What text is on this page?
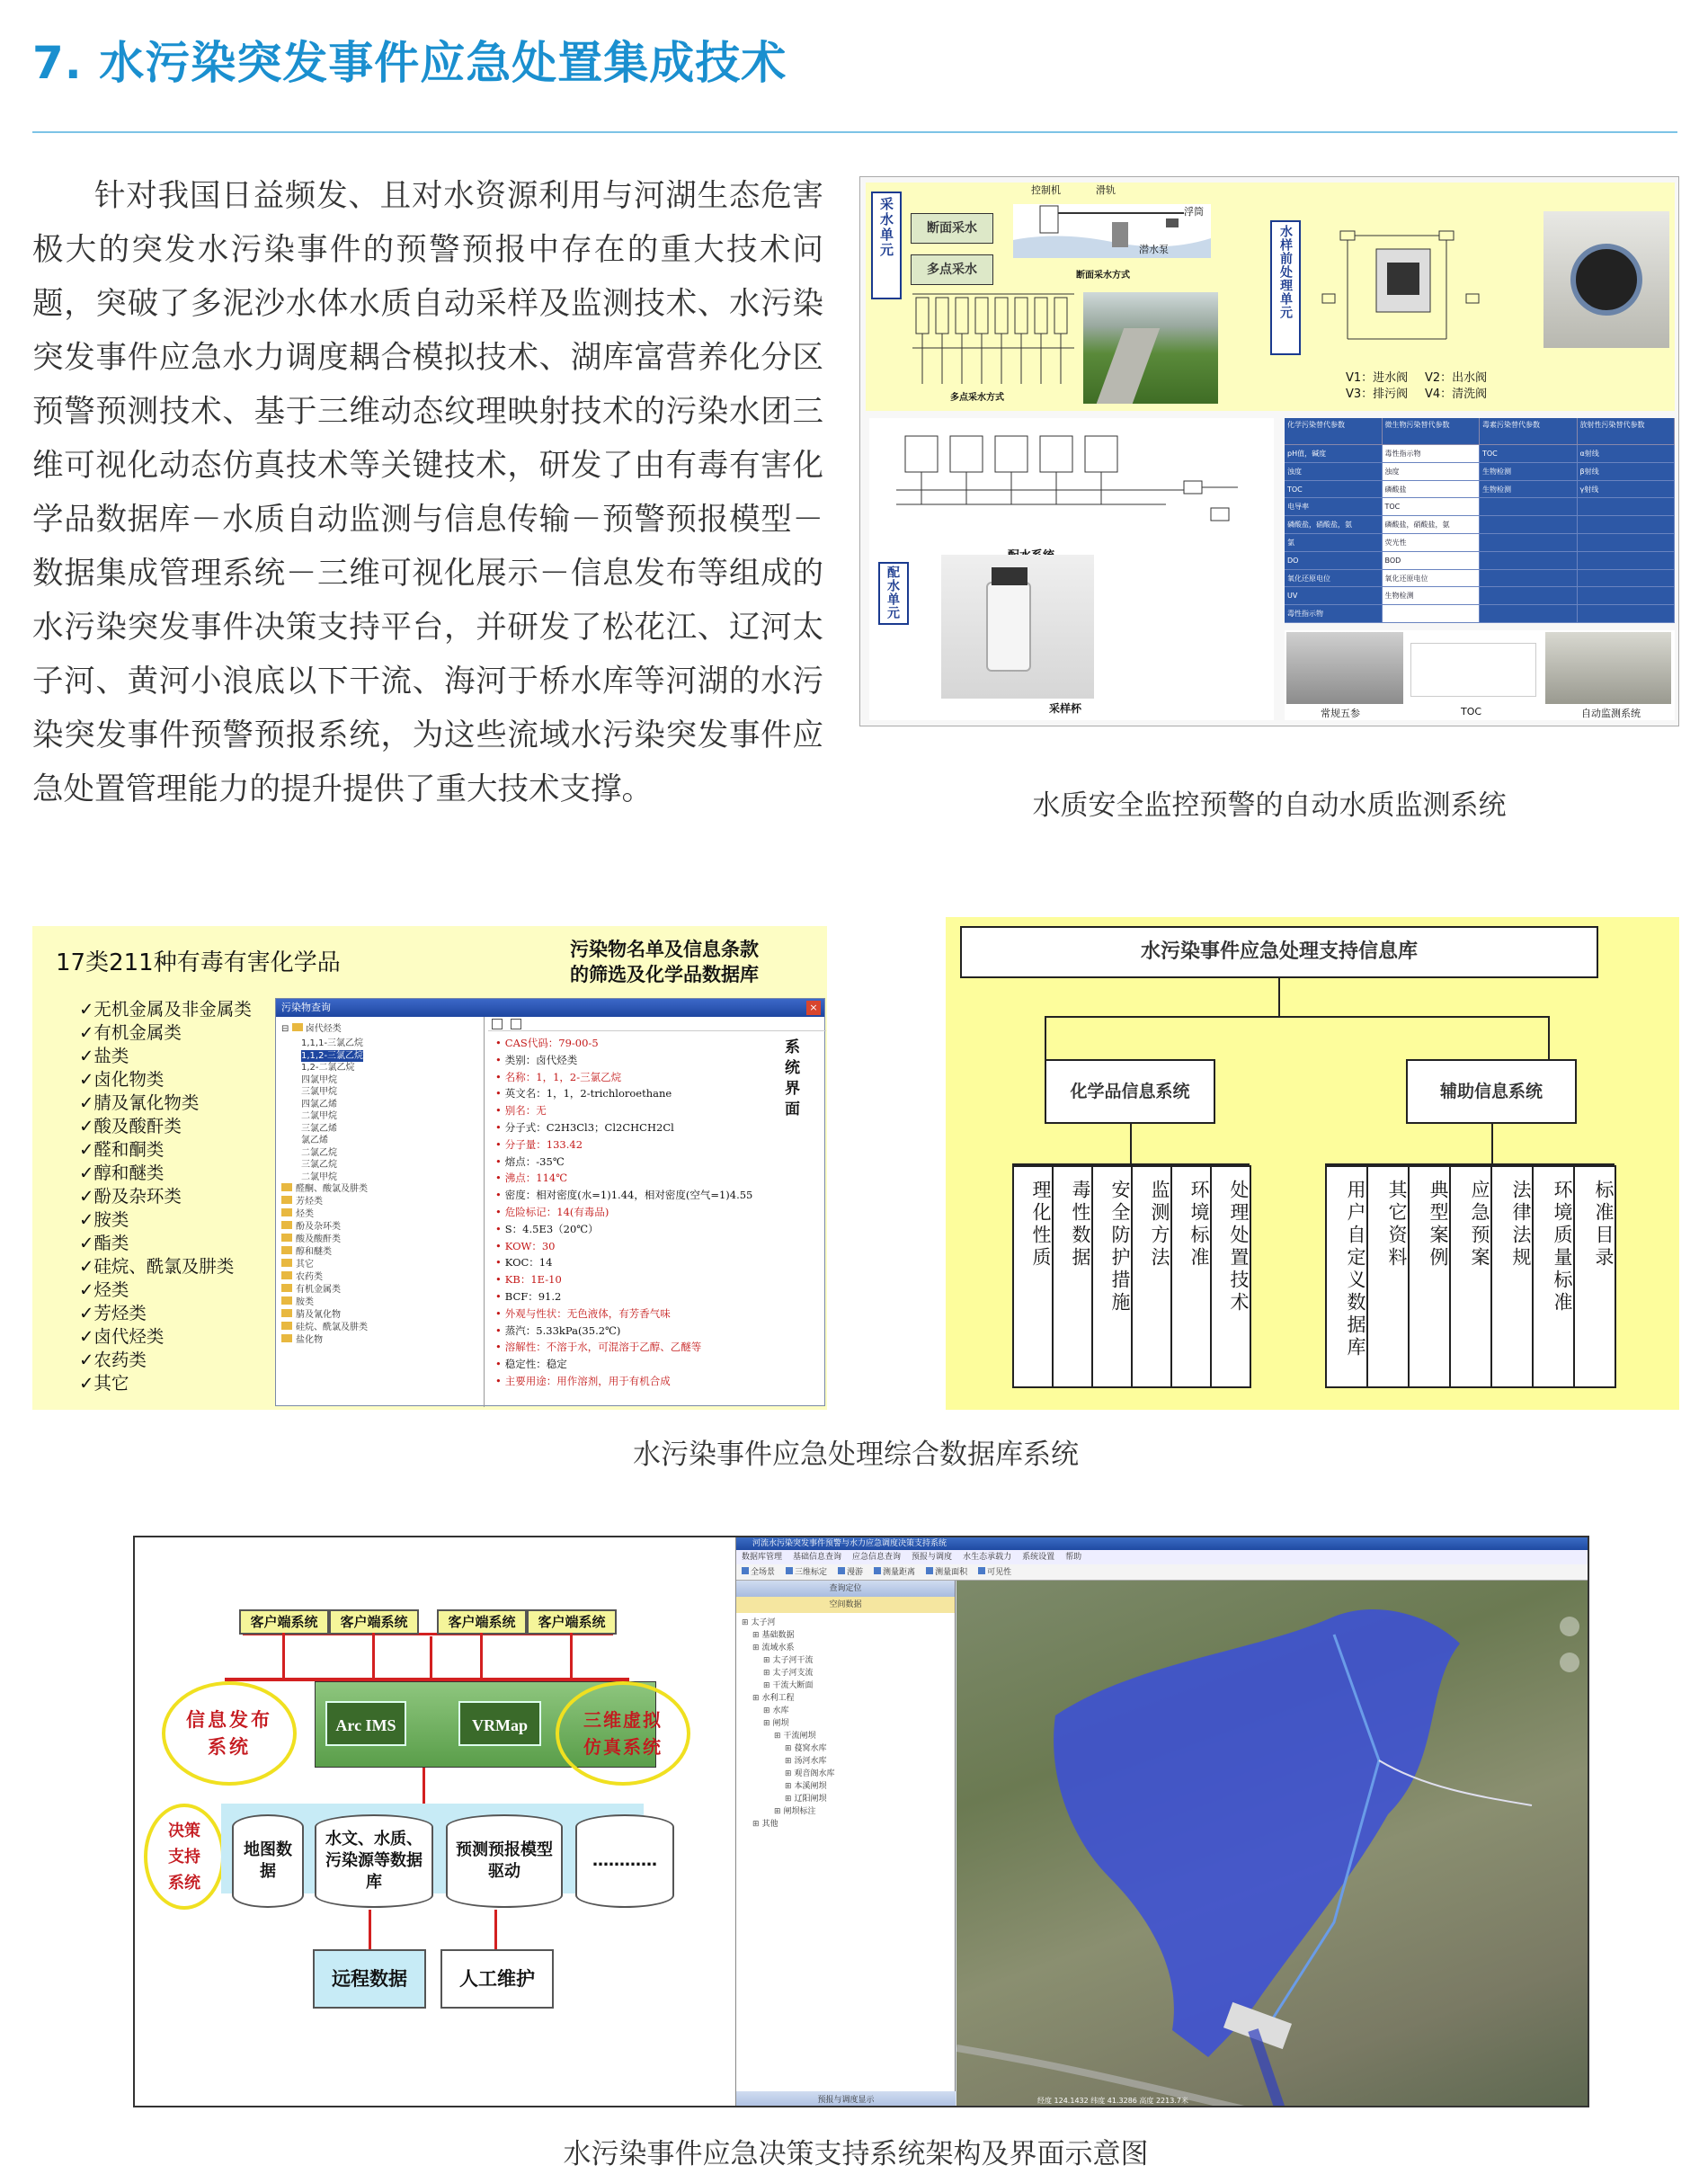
7. 水污染突发事件应急处置集成技术
针对我国日益频发、且对水资源利用与河湖生态危害极大的突发水污染事件的预警预报中存在的重大技术问题，突破了多泥沙水体水质自动采样及监测技术、水污染突发事件应急水力调度耦合模拟技术、湖库富营养化分区预警预测技术、基于三维动态纹理映射技术的污染水团三维可视化动态仿真技术等关键技术，研发了由有毒有害化学品数据库－水质自动监测与信息传输－预警预报模型－数据集成管理系统－三维可视化展示－信息发布等组成的水污染突发事件决策支持平台，并研发了松花江、辽河太子河、黄河小浪底以下干流、海河于桥水库等河湖的水污染突发事件预警预报系统，为这些流域水污染突发事件应急处置管理能力的提升提供了重大技术支撑。
采水单元	断面采水
多点采水
控制机	滑轨
浮筒
潜水泵
断面采水方式
多点采水方式
水样前处理单元
V1：进水阀 V2：出水阀
V3：排污阀 V4：清洗阀
配水单元
采样杯
化学污染替代参数	微生物污染替代参数	毒素污染替代参数	放射性污染替代参数
pH值，碱度	毒性指示物	TOC	α射线
浊度	浊度	生物检测	β射线
TOC	磷酸盐	生物检测	γ射线
电导率	TOC
磷酸盐，硝酸盐，氨	磷酸盐，硝酸盐，氨
氯	荧光性
DO	BOD
氧化还原电位	氧化还原电位
UV	生物检测
毒性指示物
常规五参	TOC	自动监测系统
水质安全监控预警的自动水质监测系统
17类211种有毒有害化学品	污染物名单及信息条款
的筛选及化学品数据库
✓无机金属及非金属类
✓有机金属类
✓盐类
✓卤化物类
✓腈及氰化物类
✓酸及酸酐类
✓醛和酮类
✓醇和醚类
✓酚及杂环类
✓胺类
✓酯类
✓硅烷、酰氯及肼类
✓烃类
✓芳烃类
✓卤代烃类
✓农药类
✓其它
污染物查询	×
⊟  卤代烃类
1,1,1-三氯乙烷
1,1,2-三氯乙烷
1,2-二氯乙烷
四氯甲烷
三氯甲烷
四氯乙烯
二氯甲烷
三氯乙烯
氯乙烯
二氯乙烷
三氯乙烷
二氯甲烷
醛酮、酸氯及肼类
芳烃类
烃类
酚及杂环类
酸及酸酐类
醇和醚类
其它
农药类
有机金属类
胺类
腈及氰化物
硅烷、酰氯及肼类
盐化物

• CAS代码：79-00-5
• 类别：卤代烃类
• 名称：1，1，2-三氯乙烷
• 英文名：1，1，2-trichloroethane
• 别名：无
• 分子式：C2H3Cl3；Cl2CHCH2Cl
• 分子量：133.42
• 熔点：-35℃
• 沸点：114℃
• 密度：相对密度(水=1)1.44，相对密度(空气=1)4.55
• 危险标记：14(有毒品)
• S：4.5E3（20℃）
• KOW：30
• KOC：14
• KB：1E-10
• BCF：91.2
• 外观与性状：无色液体，有芳香气味
• 蒸汽：5.33kPa(35.2℃)
• 溶解性：不溶于水，可混溶于乙醇、乙醚等
• 稳定性：稳定
• 主要用途：用作溶剂，用于有机合成
系统界面
水污染事件应急处理支持信息库
化学品信息系统	辅助信息系统
理化性质 毒性数据 安全防护措施 监测方法 环境标准 处理处置技术	用户自定义数据库	其它资料	典型案例	应急预案	法律法规	环境质量标准	标准目录
水污染事件应急处理综合数据库系统
客户端系统	客户端系统	客户端系统	客户端系统
Arc IMS	VRMap
信息发布系统
三维虚拟仿真系统
决策支持系统
地图数据
水文、水质、污染源等数据库
预测预报模型驱动
…………
远程数据	人工维护
河流水污染突发事件预警与水力应急调度决策支持系统
数据库管理 基础信息查询 应急信息查询 预报与调度 水生态承载力 系统设置 帮助
全场景 三维标定 漫游 测量距离 测量面积 可见性
查询定位
空间数据
⊞ 太子河
⊞ 基础数据
⊞ 流域水系
⊞ 太子河干流
⊞ 太子河支流
⊞ 干流大断面
⊞ 水利工程
⊞ 水库
⊞ 闸坝
⊞ 干流闸坝
⊞ 葠窝水库
⊞ 汤河水库
⊞ 观音阁水库
⊞ 本溪闸坝
⊞ 辽阳闸坝
⊞ 闸坝标注
⊞ 其他
预报与调度显示	经度 124.1432 纬度 41.3286 高度 2213.7米
水污染事件应急决策支持系统架构及界面示意图
